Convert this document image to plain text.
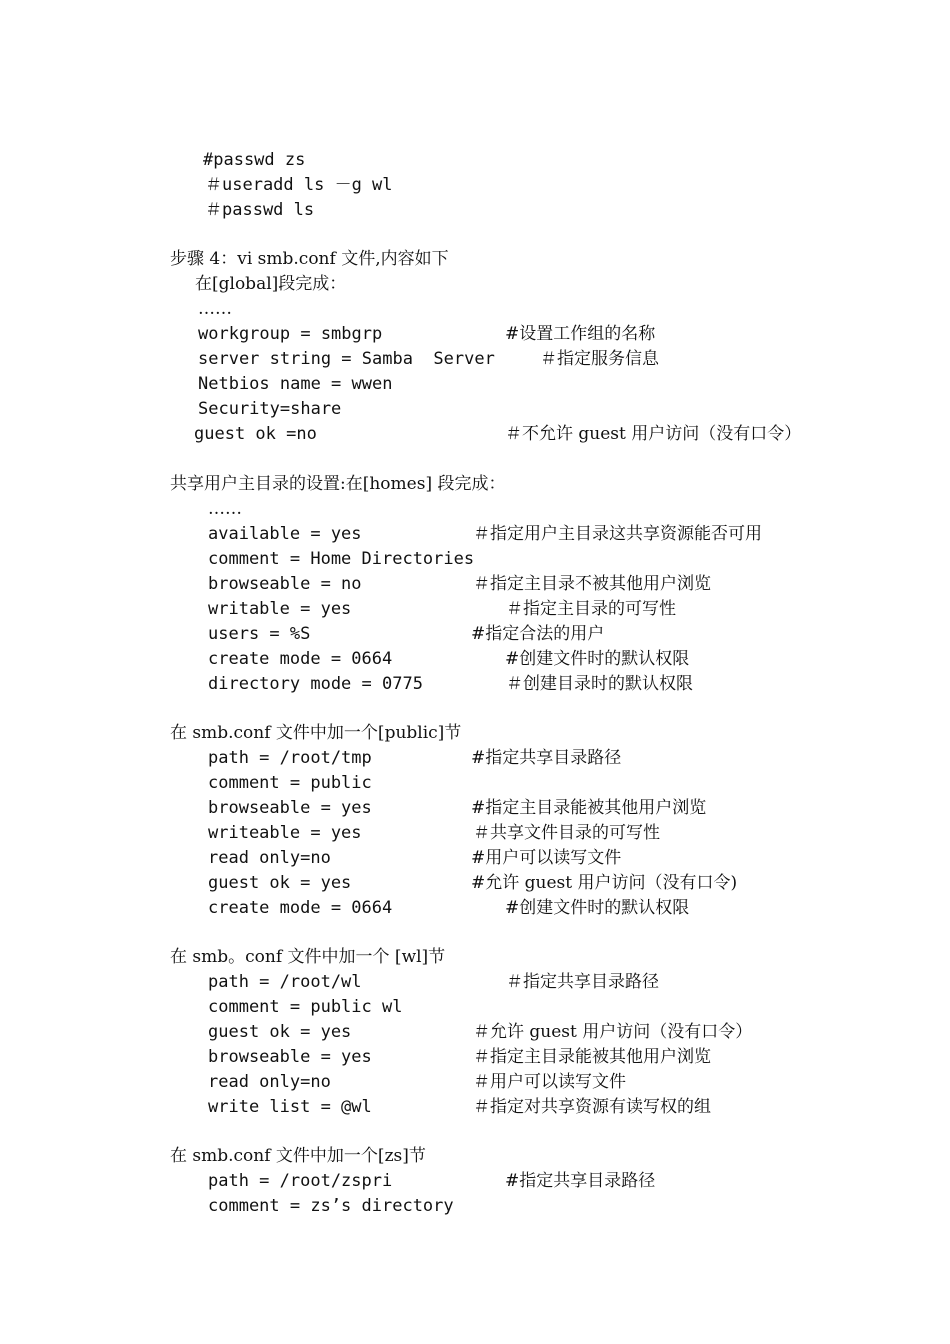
#passwd zs
＃useradd ls －g wl
＃passwd ls
步骤 4：vi smb.conf 文件,内容如下
在[global]段完成：
……
workgroup = smbgrp	#设置工作组的名称
server string = Samba  Server	＃指定服务信息
Netbios name = wwen
Security=share
guest ok =no	＃不允许 guest 用户访问（没有口令）
共享用户主目录的设置:在[homes] 段完成：
……
available = yes	＃指定用户主目录这共享资源能否可用
comment = Home Directories
browseable = no	＃指定主目录不被其他用户浏览
writable = yes	＃指定主目录的可写性
users = %S	#指定合法的用户
create mode = 0664	#创建文件时的默认权限
directory mode = 0775	＃创建目录时的默认权限
在 smb.conf 文件中加一个[public]节
path = /root/tmp	#指定共享目录路径
comment = public
browseable = yes	#指定主目录能被其他用户浏览
writeable = yes	＃共享文件目录的可写性
read only=no	#用户可以读写文件
guest ok = yes	#允许 guest 用户访问（没有口令)
create mode = 0664	#创建文件时的默认权限
在 smb。conf 文件中加一个 [wl]节
path = /root/wl	＃指定共享目录路径
comment = public wl
guest ok = yes	＃允许 guest 用户访问（没有口令）
browseable = yes	＃指定主目录能被其他用户浏览
read only=no	＃用户可以读写文件
write list = @wl	＃指定对共享资源有读写权的组
在 smb.conf 文件中加一个[zs]节
path = /root/zspri	#指定共享目录路径
comment = zs’s directory
